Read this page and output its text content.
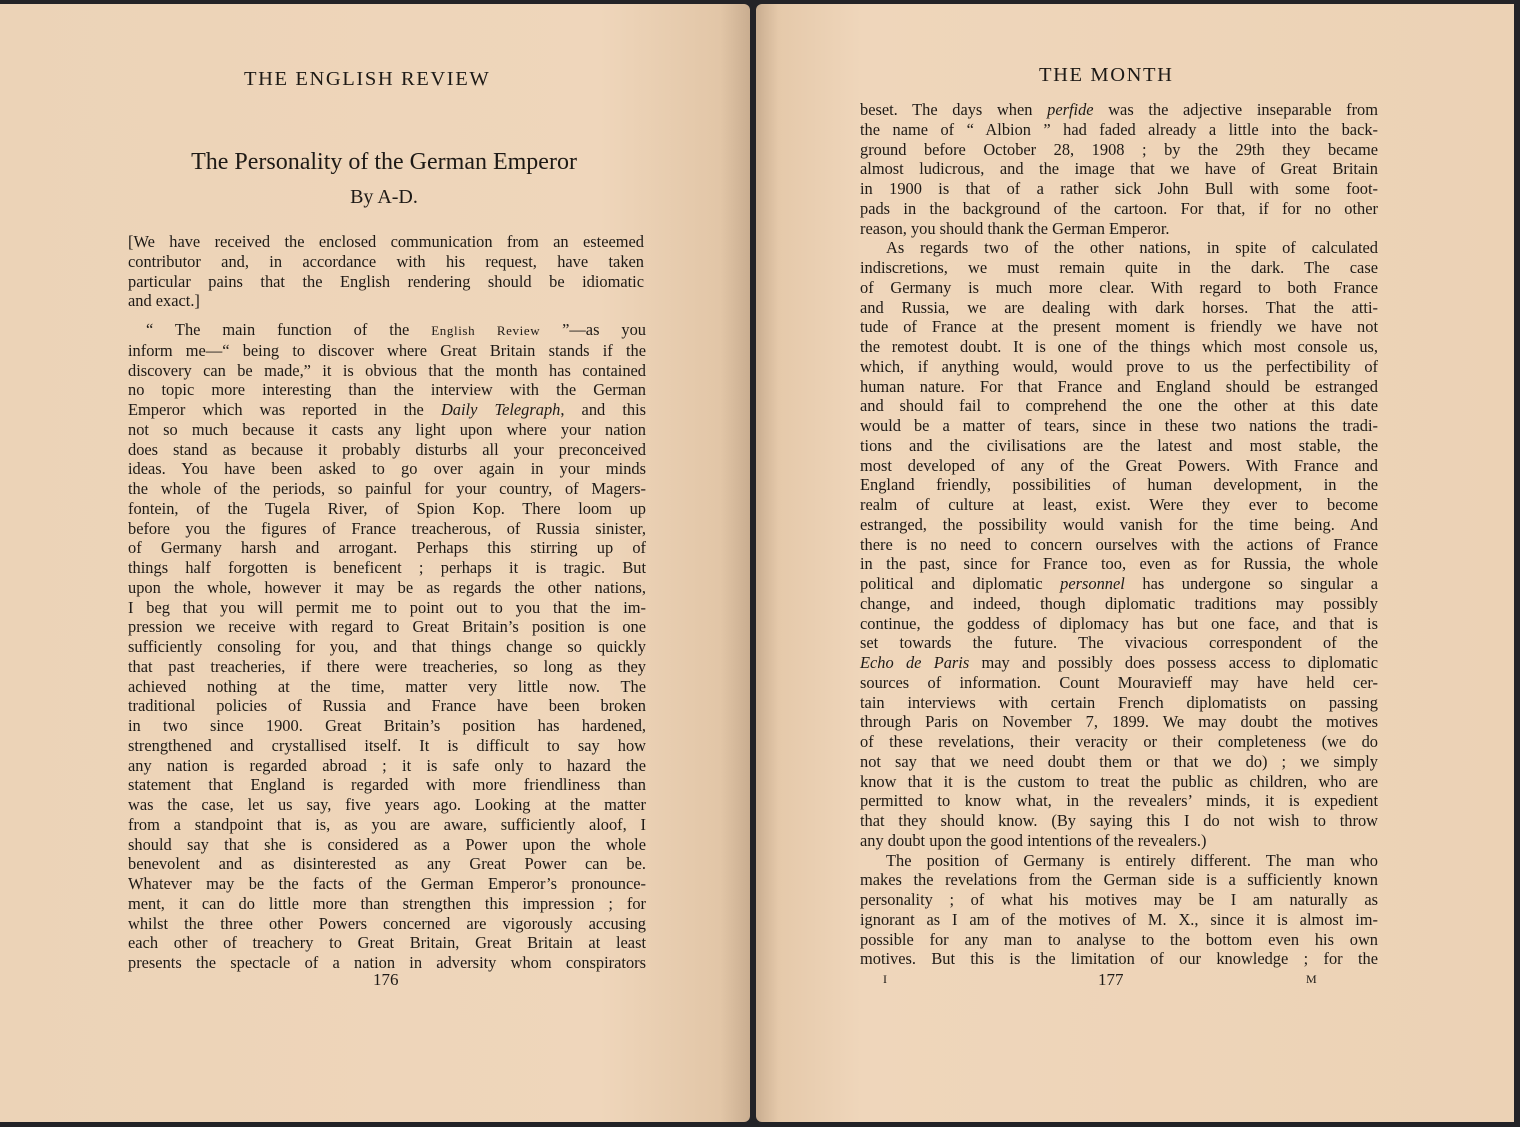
THE ENGLISH REVIEW
The Personality of the German Emperor
By A-D.

[We have received the enclosed communication from an esteemed

contributor and, in accordance with his request, have taken

particular pains that the English rendering should be idiomatic

and exact.]

“ The main function of the English Review ”—as you

inform me—“ being to discover where Great Britain stands if the

discovery can be made,” it is obvious that the month has contained

no topic more interesting than the interview with the German

Emperor which was reported in the Daily Telegraph, and this

not so much because it casts any light upon where your nation

does stand as because it probably disturbs all your preconceived

ideas. You have been asked to go over again in your minds

the whole of the periods, so painful for your country, of Magers-

fontein, of the Tugela River, of Spion Kop. There loom up

before you the figures of France treacherous, of Russia sinister,

of Germany harsh and arrogant. Perhaps this stirring up of

things half forgotten is beneficent ; perhaps it is tragic. But

upon the whole, however it may be as regards the other nations,

I beg that you will permit me to point out to you that the im-

pression we receive with regard to Great Britain’s position is one

sufficiently consoling for you, and that things change so quickly

that past treacheries, if there were treacheries, so long as they

achieved nothing at the time, matter very little now. The

traditional policies of Russia and France have been broken

in two since 1900. Great Britain’s position has hardened,

strengthened and crystallised itself. It is difficult to say how

any nation is regarded abroad ; it is safe only to hazard the

statement that England is regarded with more friendliness than

was the case, let us say, five years ago. Looking at the matter

from a standpoint that is, as you are aware, sufficiently aloof, I

should say that she is considered as a Power upon the whole

benevolent and as disinterested as any Great Power can be.

Whatever may be the facts of the German Emperor’s pronounce-

ment, it can do little more than strengthen this impression ; for

whilst the three other Powers concerned are vigorously accusing

each other of treachery to Great Britain, Great Britain at least

presents the spectacle of a nation in adversity whom conspirators

176
THE MONTH

beset. The days when perfide was the adjective inseparable from

the name of “ Albion ” had faded already a little into the back-

ground before October 28, 1908 ; by the 29th they became

almost ludicrous, and the image that we have of Great Britain

in 1900 is that of a rather sick John Bull with some foot-

pads in the background of the cartoon. For that, if for no other

reason, you should thank the German Emperor.

As regards two of the other nations, in spite of calculated

indiscretions, we must remain quite in the dark. The case

of Germany is much more clear. With regard to both France

and Russia, we are dealing with dark horses. That the atti-

tude of France at the present moment is friendly we have not

the remotest doubt. It is one of the things which most console us,

which, if anything would, would prove to us the perfectibility of

human nature. For that France and England should be estranged

and should fail to comprehend the one the other at this date

would be a matter of tears, since in these two nations the tradi-

tions and the civilisations are the latest and most stable, the

most developed of any of the Great Powers. With France and

England friendly, possibilities of human development, in the

realm of culture at least, exist. Were they ever to become

estranged, the possibility would vanish for the time being. And

there is no need to concern ourselves with the actions of France

in the past, since for France too, even as for Russia, the whole

political and diplomatic personnel has undergone so singular a

change, and indeed, though diplomatic traditions may possibly

continue, the goddess of diplomacy has but one face, and that is

set towards the future. The vivacious correspondent of the

Echo de Paris may and possibly does possess access to diplomatic

sources of information. Count Mouravieff may have held cer-

tain interviews with certain French diplomatists on passing

through Paris on November 7, 1899. We may doubt the motives

of these revelations, their veracity or their completeness (we do

not say that we need doubt them or that we do) ; we simply

know that it is the custom to treat the public as children, who are

permitted to know what, in the revealers’ minds, it is expedient

that they should know. (By saying this I do not wish to throw

any doubt upon the good intentions of the revealers.)

The position of Germany is entirely different. The man who

makes the revelations from the German side is a sufficiently known

personality ; of what his motives may be I am naturally as

ignorant as I am of the motives of M. X., since it is almost im-

possible for any man to analyse to the bottom even his own

motives. But this is the limitation of our knowledge ; for the

I	177	M
